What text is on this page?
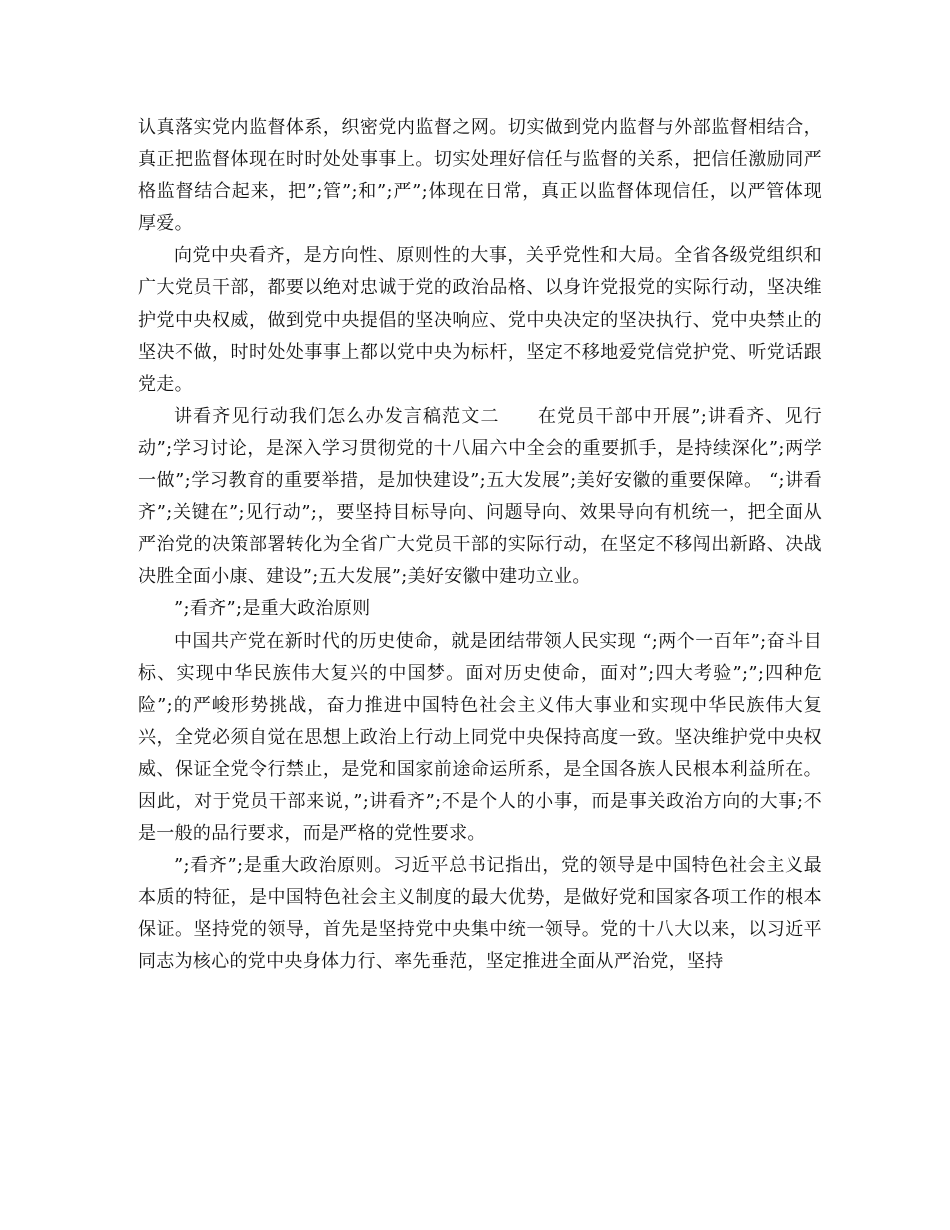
认真落实党内监督体系，织密党内监督之网。切实做到党内监督与外部监督相结合，真正把监督体现在时时处处事事上。切实处理好信任与监督的关系，把信任激励同严格监督结合起来，把”;管”;和”;严”;体现在日常，真正以监督体现信任，以严管体现厚爱。

向党中央看齐，是方向性、原则性的大事，关乎党性和大局。全省各级党组织和广大党员干部，都要以绝对忠诚于党的政治品格、以身许党报党的实际行动，坚决维护党中央权威，做到党中央提倡的坚决响应、党中央决定的坚决执行、党中央禁止的坚决不做，时时处处事事上都以党中央为标杆，坚定不移地爱党信党护党、听党话跟党走。

讲看齐见行动我们怎么办发言稿范文二　　在党员干部中开展”;讲看齐、见行动”;学习讨论，是深入学习贯彻党的十八届六中全会的重要抓手，是持续深化”;两学一做”;学习教育的重要举措，是加快建设”;五大发展”;美好安徽的重要保障。 “;讲看齐”;关键在”;见行动”;，要坚持目标导向、问题导向、效果导向有机统一，把全面从严治党的决策部署转化为全省广大党员干部的实际行动，在坚定不移闯出新路、决战决胜全面小康、建设”;五大发展”;美好安徽中建功立业。

”;看齐”;是重大政治原则

中国共产党在新时代的历史使命，就是团结带领人民实现 “;两个一百年”;奋斗目标、实现中华民族伟大复兴的中国梦。面对历史使命，面对”;四大考验”;”;四种危险”;的严峻形势挑战，奋力推进中国特色社会主义伟大事业和实现中华民族伟大复兴，全党必须自觉在思想上政治上行动上同党中央保持高度一致。坚决维护党中央权威、保证全党令行禁止，是党和国家前途命运所系，是全国各族人民根本利益所在。因此，对于党员干部来说，”;讲看齐”;不是个人的小事，而是事关政治方向的大事;不是一般的品行要求，而是严格的党性要求。

”;看齐”;是重大政治原则。习近平总书记指出，党的领导是中国特色社会主义最本质的特征，是中国特色社会主义制度的最大优势，是做好党和国家各项工作的根本保证。坚持党的领导，首先是坚持党中央集中统一领导。党的十八大以来，以习近平同志为核心的党中央身体力行、率先垂范，坚定推进全面从严治党，坚持
